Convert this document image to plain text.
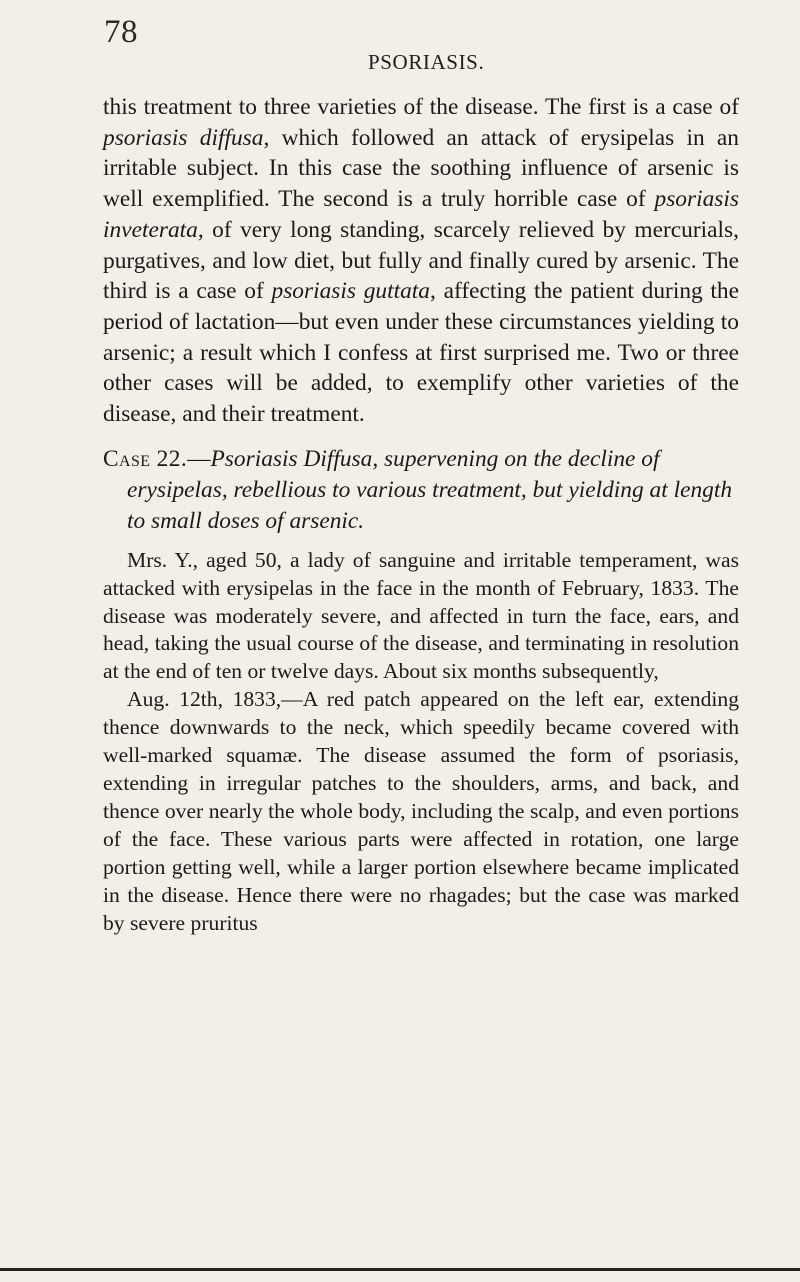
78
PSORIASIS.

this treatment to three varieties of the disease. The first is a case of psoriasis diffusa, which followed an attack of erysipelas in an irritable subject. In this case the soothing influence of arsenic is well exemplified. The second is a truly horrible case of psoriasis inveterata, of very long standing, scarcely relieved by mercurials, purgatives, and low diet, but fully and finally cured by arsenic. The third is a case of psoriasis guttata, affecting the patient during the period of lactation—but even under these circumstances yielding to arsenic; a result which I confess at first surprised me. Two or three other cases will be added, to exemplify other varieties of the disease, and their treatment.

Case 22.—Psoriasis Diffusa, supervening on the decline of erysipelas, rebellious to various treatment, but yielding at length to small doses of arsenic.

Mrs. Y., aged 50, a lady of sanguine and irritable temperament, was attacked with erysipelas in the face in the month of February, 1833. The disease was moderately severe, and affected in turn the face, ears, and head, taking the usual course of the disease, and terminating in resolution at the end of ten or twelve days. About six months subsequently,

Aug. 12th, 1833,—A red patch appeared on the left ear, extending thence downwards to the neck, which speedily became covered with well-marked squamæ. The disease assumed the form of psoriasis, extending in irregular patches to the shoulders, arms, and back, and thence over nearly the whole body, including the scalp, and even portions of the face. These various parts were affected in rotation, one large portion getting well, while a larger portion elsewhere became implicated in the disease. Hence there were no rhagades; but the case was marked by severe pruritus
